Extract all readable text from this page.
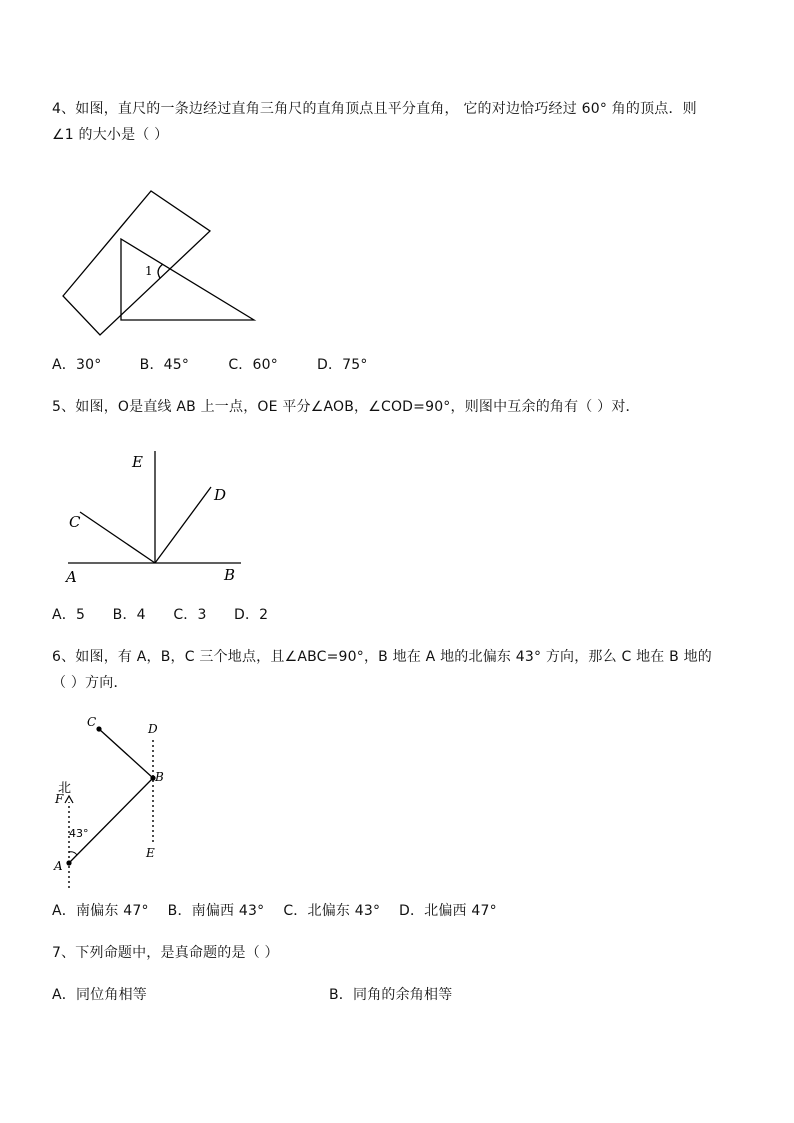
4、如图，直尺的一条边经过直角三角尺的直角顶点且平分直角， 它的对边恰巧经过 60° 角的顶点．则
∠1 的大小是（ ）
1
A．30°	B．45°	C．60°	D．75°
5、如图，O是直线 AB 上一点，OE 平分∠AOB，∠COD=90°，则图中互余的角有（ ）对．
E
D
C
A	B
A．5 B．4 C．3 D．2
6、如图，有 A，B，C 三个地点，且∠ABC=90°，B 地在 A 地的北偏东 43° 方向，那么 C 地在 B 地的
（ ）方向．
C	D
B
F
A
E
北
43°
A．南偏东 47° B．南偏西 43° C．北偏东 43° D．北偏西 47°
7、下列命题中，是真命题的是（ ）
A．同位角相等	B．同角的余角相等
